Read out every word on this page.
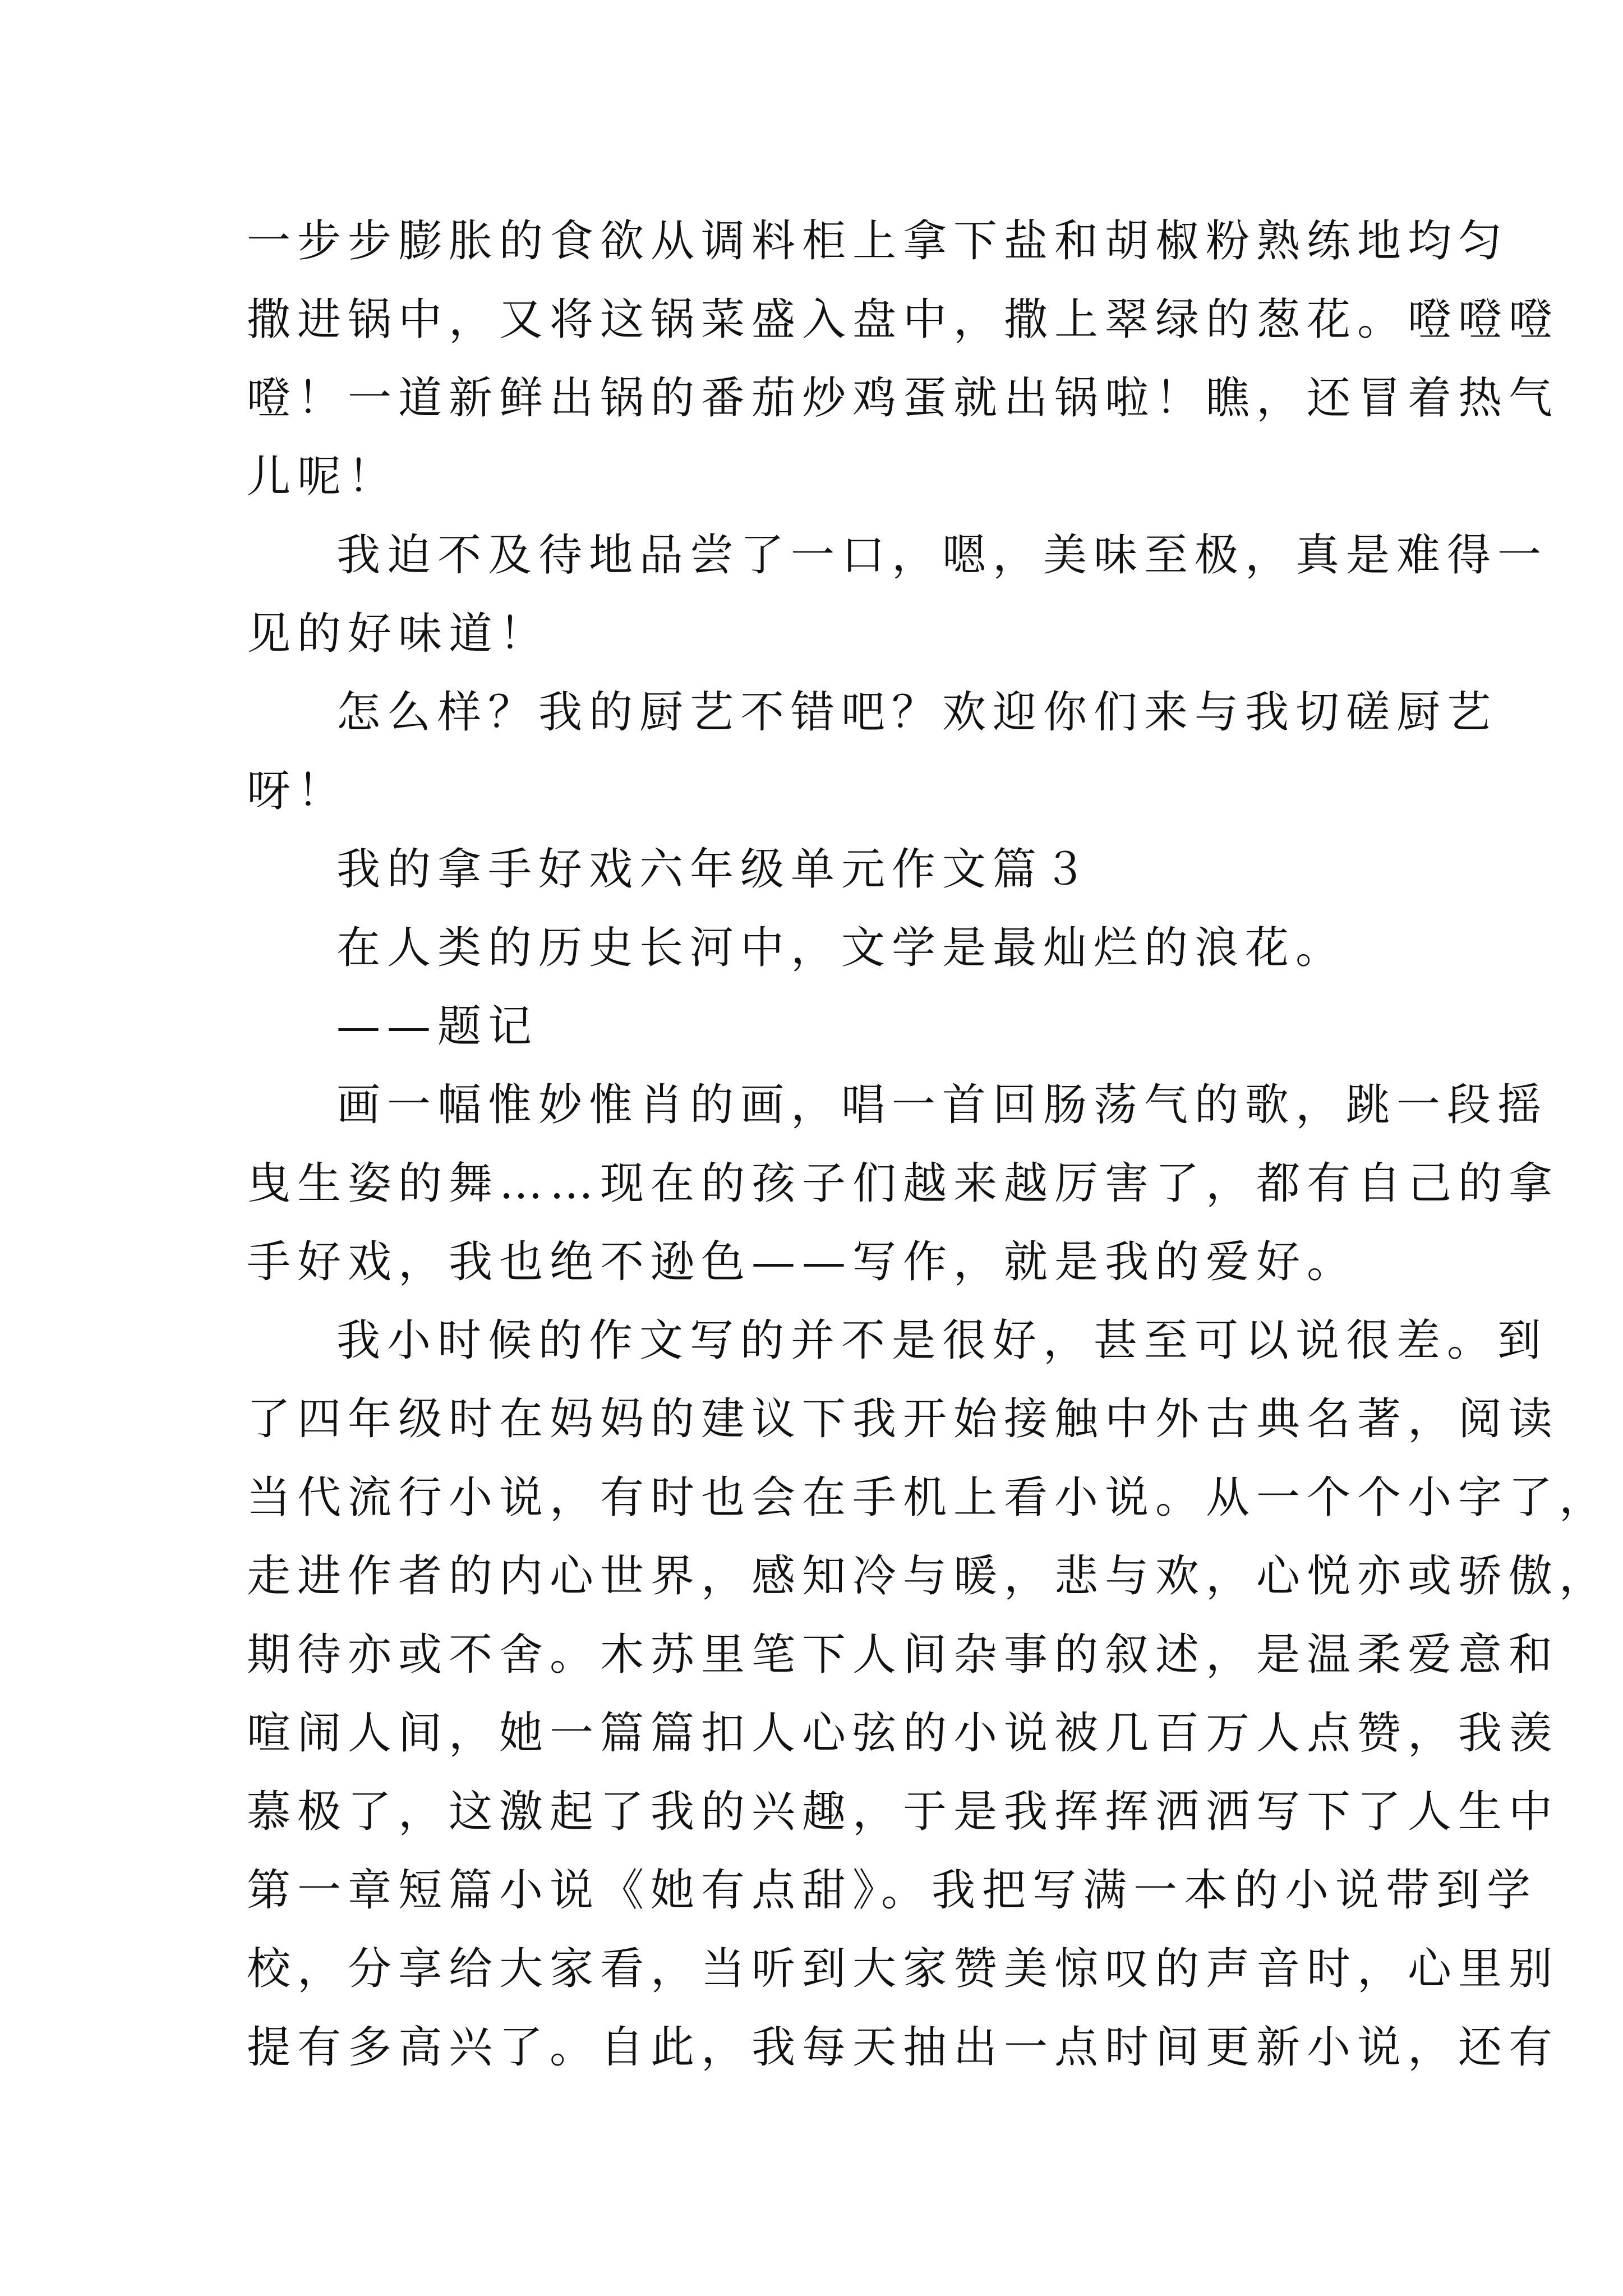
一步步膨胀的食欲从调料柜上拿下盐和胡椒粉熟练地均匀
撒进锅中，又将这锅菜盛入盘中，撒上翠绿的葱花。噔噔噔
噔！一道新鲜出锅的番茄炒鸡蛋就出锅啦！瞧，还冒着热气
儿呢！
我迫不及待地品尝了一口，嗯，美味至极，真是难得一
见的好味道！
怎么样？我的厨艺不错吧？欢迎你们来与我切磋厨艺
呀！
我的拿手好戏六年级单元作文篇３
在人类的历史长河中，文学是最灿烂的浪花。
——题记
画一幅惟妙惟肖的画，唱一首回肠荡气的歌，跳一段摇
曳生姿的舞……现在的孩子们越来越厉害了，都有自己的拿
手好戏，我也绝不逊色——写作，就是我的爱好。
我小时候的作文写的并不是很好，甚至可以说很差。到
了四年级时在妈妈的建议下我开始接触中外古典名著，阅读
当代流行小说，有时也会在手机上看小说。从一个个小字了，
走进作者的内心世界，感知冷与暖，悲与欢，心悦亦或骄傲，
期待亦或不舍。木苏里笔下人间杂事的叙述，是温柔爱意和
喧闹人间，她一篇篇扣人心弦的小说被几百万人点赞，我羡
慕极了，这激起了我的兴趣，于是我挥挥洒洒写下了人生中
第一章短篇小说《她有点甜》。我把写满一本的小说带到学
校，分享给大家看，当听到大家赞美惊叹的声音时，心里别
提有多高兴了。自此，我每天抽出一点时间更新小说，还有
